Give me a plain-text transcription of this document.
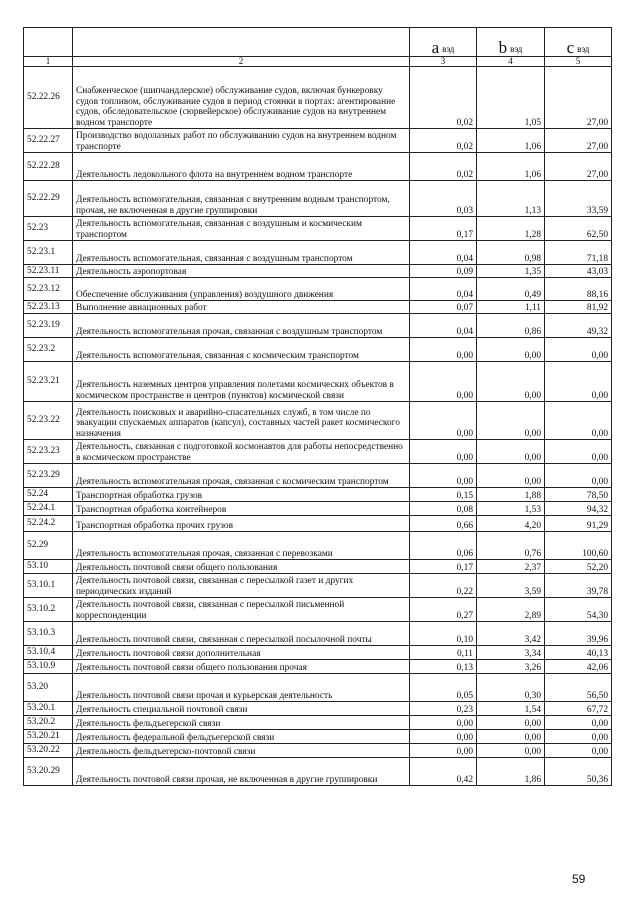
		a $_{вэд}$	b $_{вэд}$	c $_{вэд}$
1	2	3	4	5
52.22.26	Снабженческое (шипчандлерское) обслуживание судов, включая бункеровку судов топливом, обслуживание судов в период стоянки в портах: агентирование судов, обследовательское (сюрвейерское) обслуживание судов на внутреннем водном транспорте	0,02	1,05	27,00
52.22.27	Производство водолазных работ по обслуживанию судов на внутреннем водном транспорте	0,02	1,06	27,00
52.22.28	Деятельность ледокольного флота на внутреннем водном транспорте	0,02	1,06	27,00
52.22.29	Деятельность вспомогательная, связанная с внутренним водным транспортом, прочая, не включенная в другие группировки	0,03	1,13	33,59
52.23	Деятельность вспомогательная, связанная с воздушным и космическим транспортом	0,17	1,28	62,50
52.23.1	Деятельность вспомогательная, связанная с воздушным транспортом	0,04	0,98	71,18
52.23.11	Деятельность аэропортовая	0,09	1,35	43,03
52.23.12	Обеспечение обслуживания (управления) воздушного движения	0,04	0,49	88,16
52.23.13	Выполнение авиационных работ	0,07	1,11	81,92
52.23.19	Деятельность вспомогательная прочая, связанная с воздушным транспортом	0,04	0,86	49,32
52.23.2	Деятельность вспомогательная, связанная с космическим транспортом	0,00	0,00	0,00
52.23.21	Деятельность наземных центров управления полетами космических объектов в космическом пространстве и центров (пунктов) космической связи	0,00	0,00	0,00
52.23.22	Деятельность поисковых и аварийно-спасательных служб, в том числе по эвакуации спускаемых аппаратов (капсул), составных частей ракет космического назначения	0,00	0,00	0,00
52.23.23	Деятельность, связанная с подготовкой космонавтов для работы непосредственно в космическом пространстве	0,00	0,00	0,00
52.23.29	Деятельность вспомогательная прочая, связанная с космическим транспортом	0,00	0,00	0,00
52.24	Транспортная обработка грузов	0,15	1,88	78,50
52.24.1	Транспортная обработка контейнеров	0,08	1,53	94,32
52.24.2	Транспортная обработка прочих грузов	0,66	4,20	91,29
52.29	Деятельность вспомогательная прочая, связанная с перевозками	0,06	0,76	100,60
53.10	Деятельность почтовой связи общего пользования	0,17	2,37	52,20
53.10.1	Деятельность почтовой связи, связанная с пересылкой газет и других периодических изданий	0,22	3,59	39,78
53.10.2	Деятельность почтовой связи, связанная с пересылкой письменной корреспонденции	0,27	2,89	54,30
53.10.3	Деятельность почтовой связи, связанная с пересылкой посылочной почты	0,10	3,42	39,96
53.10.4	Деятельность почтовой связи дополнительная	0,11	3,34	40,13
53.10.9	Деятельность почтовой связи общего пользования прочая	0,13	3,26	42,06
53.20	Деятельность почтовой связи прочая и курьерская деятельность	0,05	0,30	56,50
53.20.1	Деятельность специальной почтовой связи	0,23	1,54	67,72
53.20.2	Деятельность фельдъегерской связи	0,00	0,00	0,00
53.20.21	Деятельность федеральной фельдъегерской связи	0,00	0,00	0,00
53.20.22	Деятельность фельдъегерско-почтовой связи	0,00	0,00	0,00
53.20.29	Деятельность почтовой связи прочая, не включенная в другие группировки	0,42	1,86	50,36
59
